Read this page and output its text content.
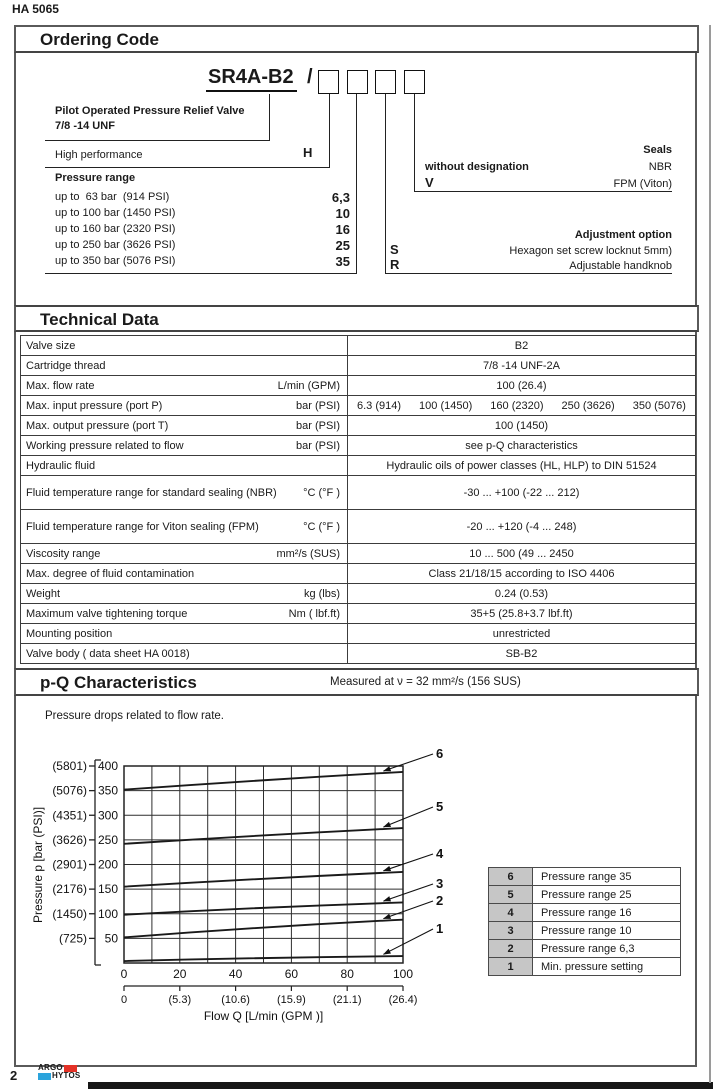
HA 5065
Ordering Code
SR4A-B2 /
Pilot Operated Pressure Relief Valve
7/8 -14 UNF
High performance	H
Pressure range
up to  63 bar  (914 PSI)	6,3
up to 100 bar (1450 PSI)	10
up to 160 bar (2320 PSI)	16
up to 250 bar (3626 PSI)	25
up to 350 bar (5076 PSI)	35
Seals
without designation	NBR
V	FPM (Viton)
Adjustment option
S	Hexagon set screw locknut 5mm)
R	Adjustable handknob
Technical Data
Valve size	B2
Cartridge thread	7/8 -14 UNF-2A
Max. flow rate L/min (GPM)	100 (26.4)
Max. input pressure (port P) bar (PSI)	6.3 (914) 100 (1450) 160 (2320) 250 (3626) 350 (5076)

Max. output pressure (port T) bar (PSI)	100 (1450)
Working pressure related to flow bar (PSI)	see p-Q characteristics
Hydraulic fluid	Hydraulic oils of power classes (HL, HLP) to DIN 51524
Fluid temperature range for standard sealing (NBR) °C (°F )	-30 ... +100 (-22 ... 212)
Fluid temperature range for Viton sealing (FPM) °C (°F )	-20 ... +120 (-4 ... 248)
Viscosity range mm²/s (SUS)	10 ... 500 (49 ... 2450
Max. degree of fluid contamination	Class 21/18/15 according to ISO 4406
Weight kg (lbs)	0.24 (0.53)
Maximum valve tightening torque Nm ( lbf.ft)	35+5 (25.8+3.7 lbf.ft)
Mounting position	unrestricted
Valve body ( data sheet HA 0018)	SB-B2
p-Q Characteristics	Measured at ν = 32 mm²/s (156 SUS)
Pressure drops related to flow rate.
(5801) 400
(5076) 350
(4351) 300
(3626) 250
(2901) 200
(2176) 150
(1450) 100
(725) 50
Pressure p [bar (PSI)]
0	20	40	60	80	100
0	(5.3)	(10.6) (15.9) (21.1) (26.4)
Flow Q [L/min (GPM )]
1
2
3
4
5
6
6	Pressure range 35
5	Pressure range 25
4	Pressure range 16
3	Pressure range 10
2	Pressure range 6,3
1	Min. pressure setting
2
ARGO
HYTOS
